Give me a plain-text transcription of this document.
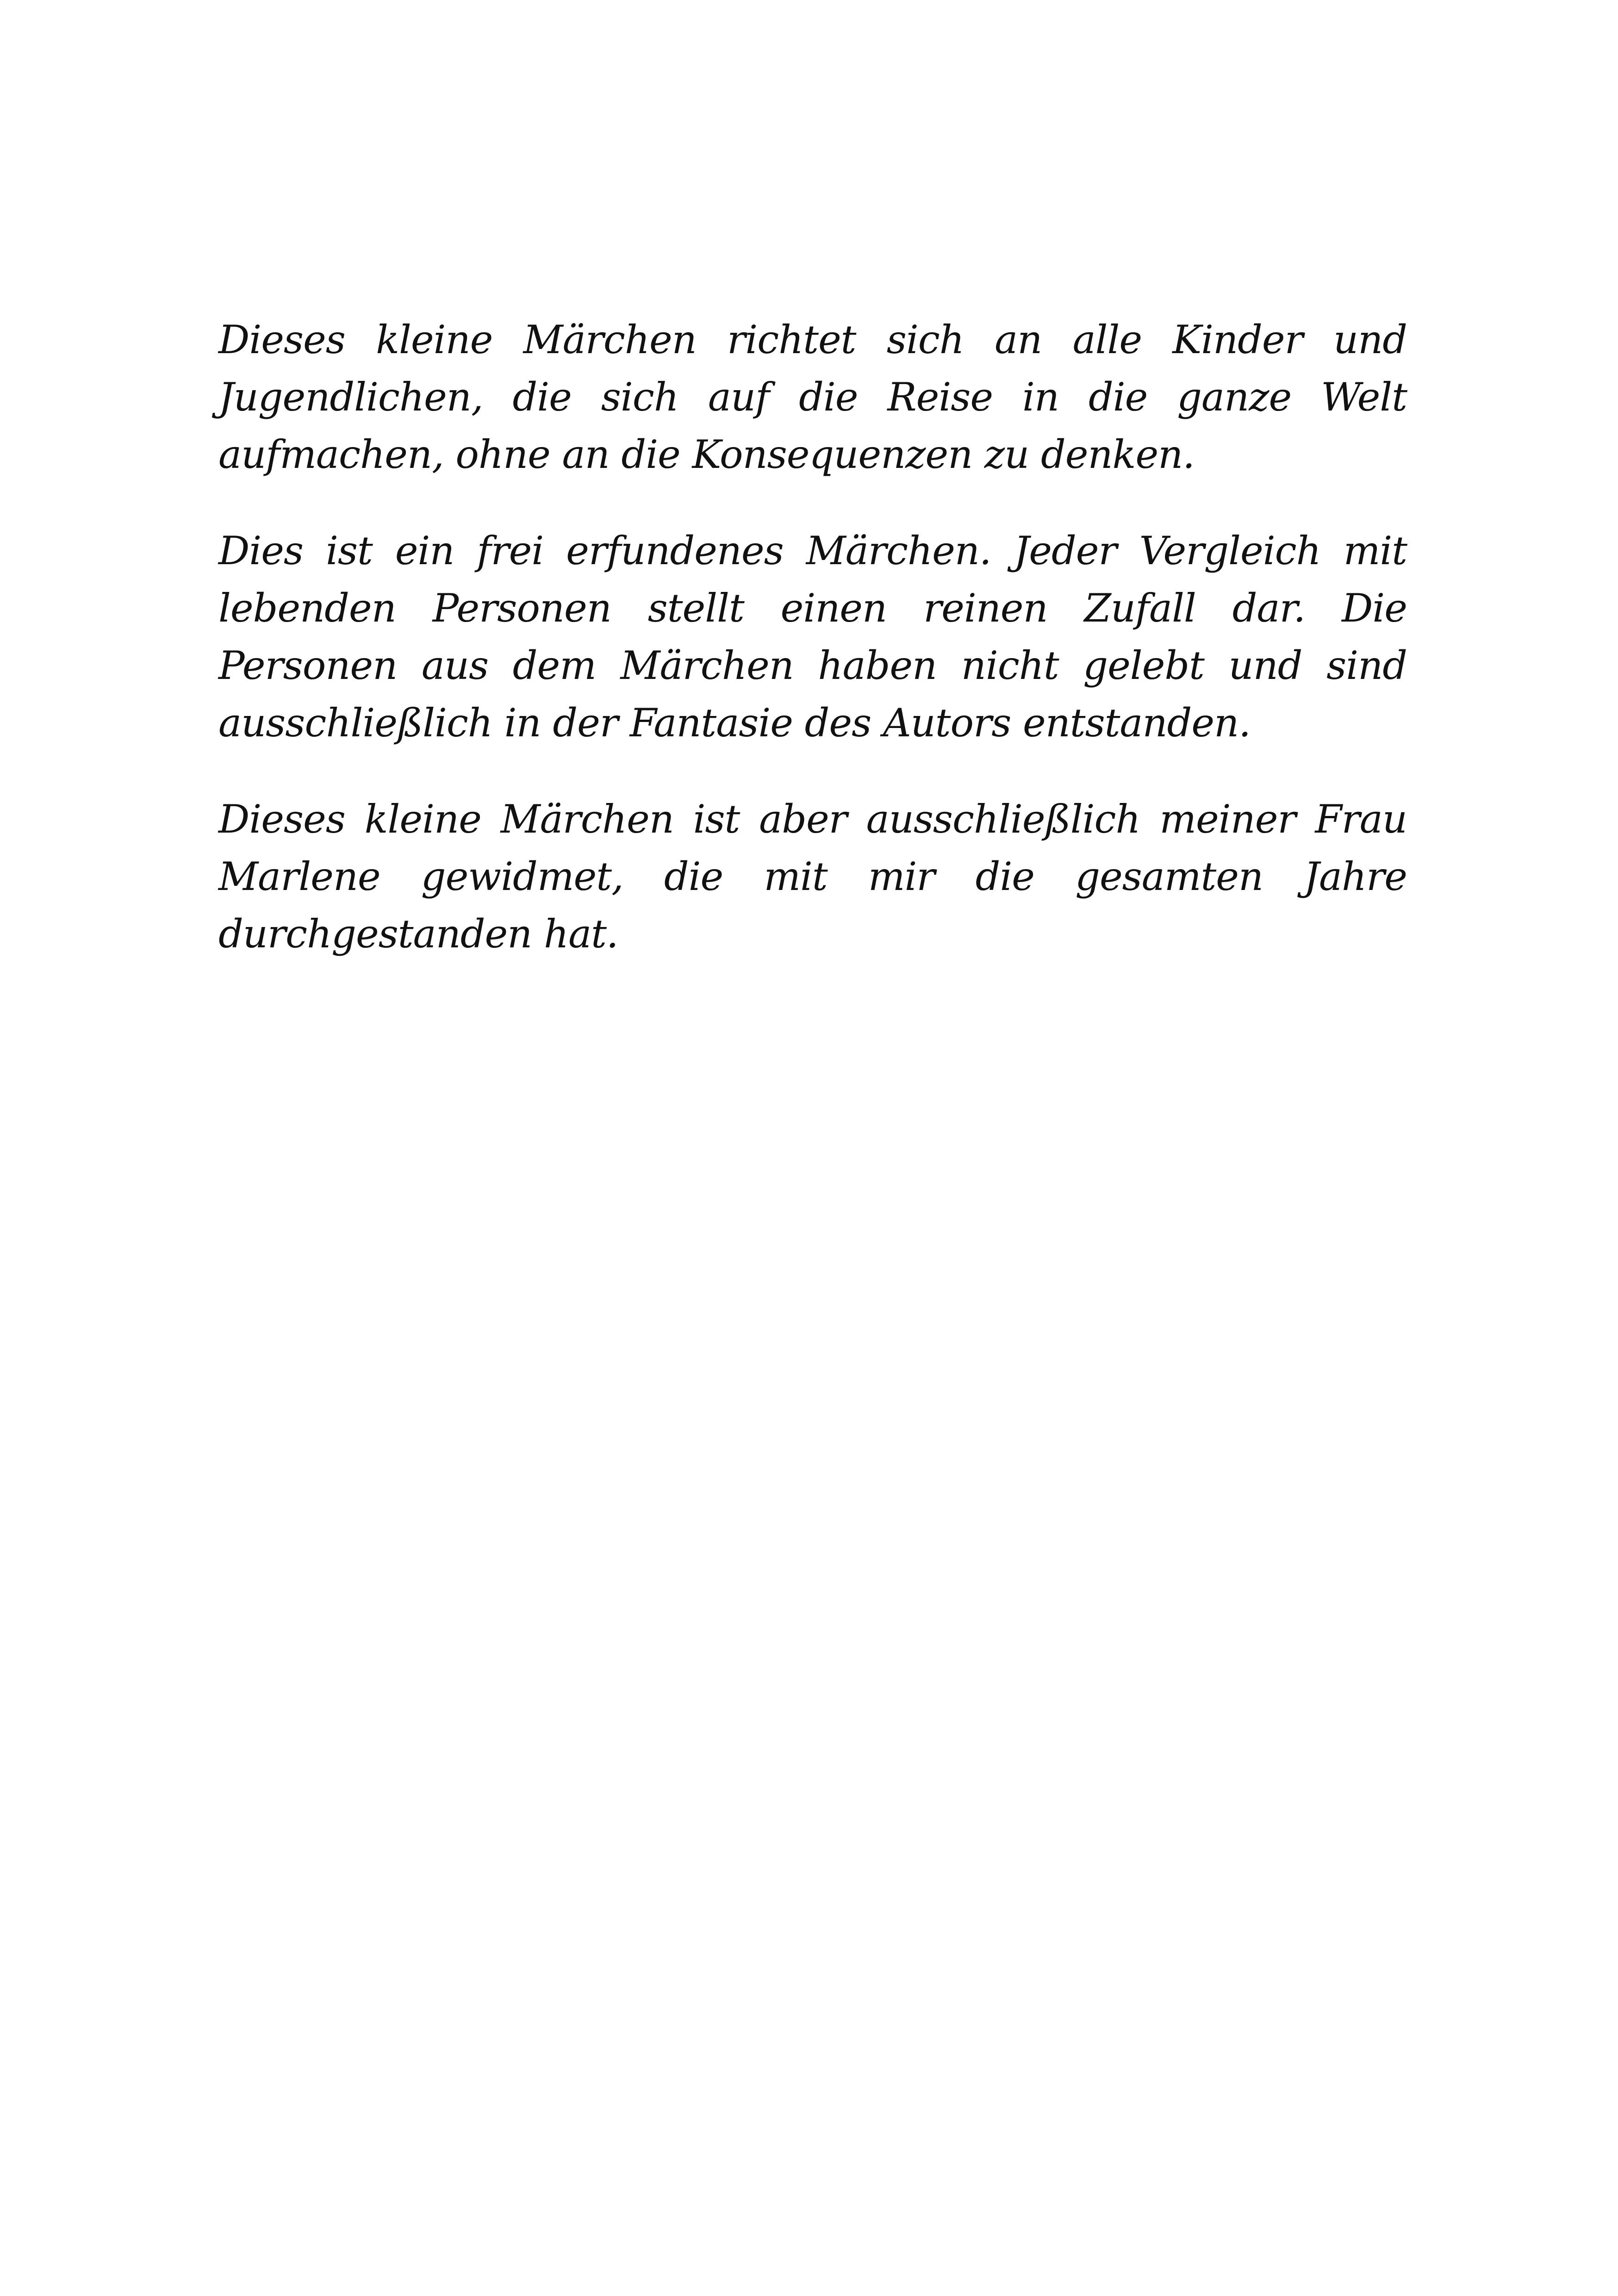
Dieses kleine Märchen richtet sich an alle Kinder und Jugendlichen, die sich auf die Reise in die ganze Welt aufmachen, ohne an die Konsequenzen zu denken.

Dies ist ein frei erfundenes Märchen. Jeder Vergleich mit lebenden Personen stellt einen reinen Zufall dar. Die Personen aus dem Märchen haben nicht gelebt und sind ausschließlich in der Fantasie des Autors entstanden.

Dieses kleine Märchen ist aber ausschließlich meiner Frau Marlene gewidmet, die mit mir die gesamten Jahre durchgestanden hat.
